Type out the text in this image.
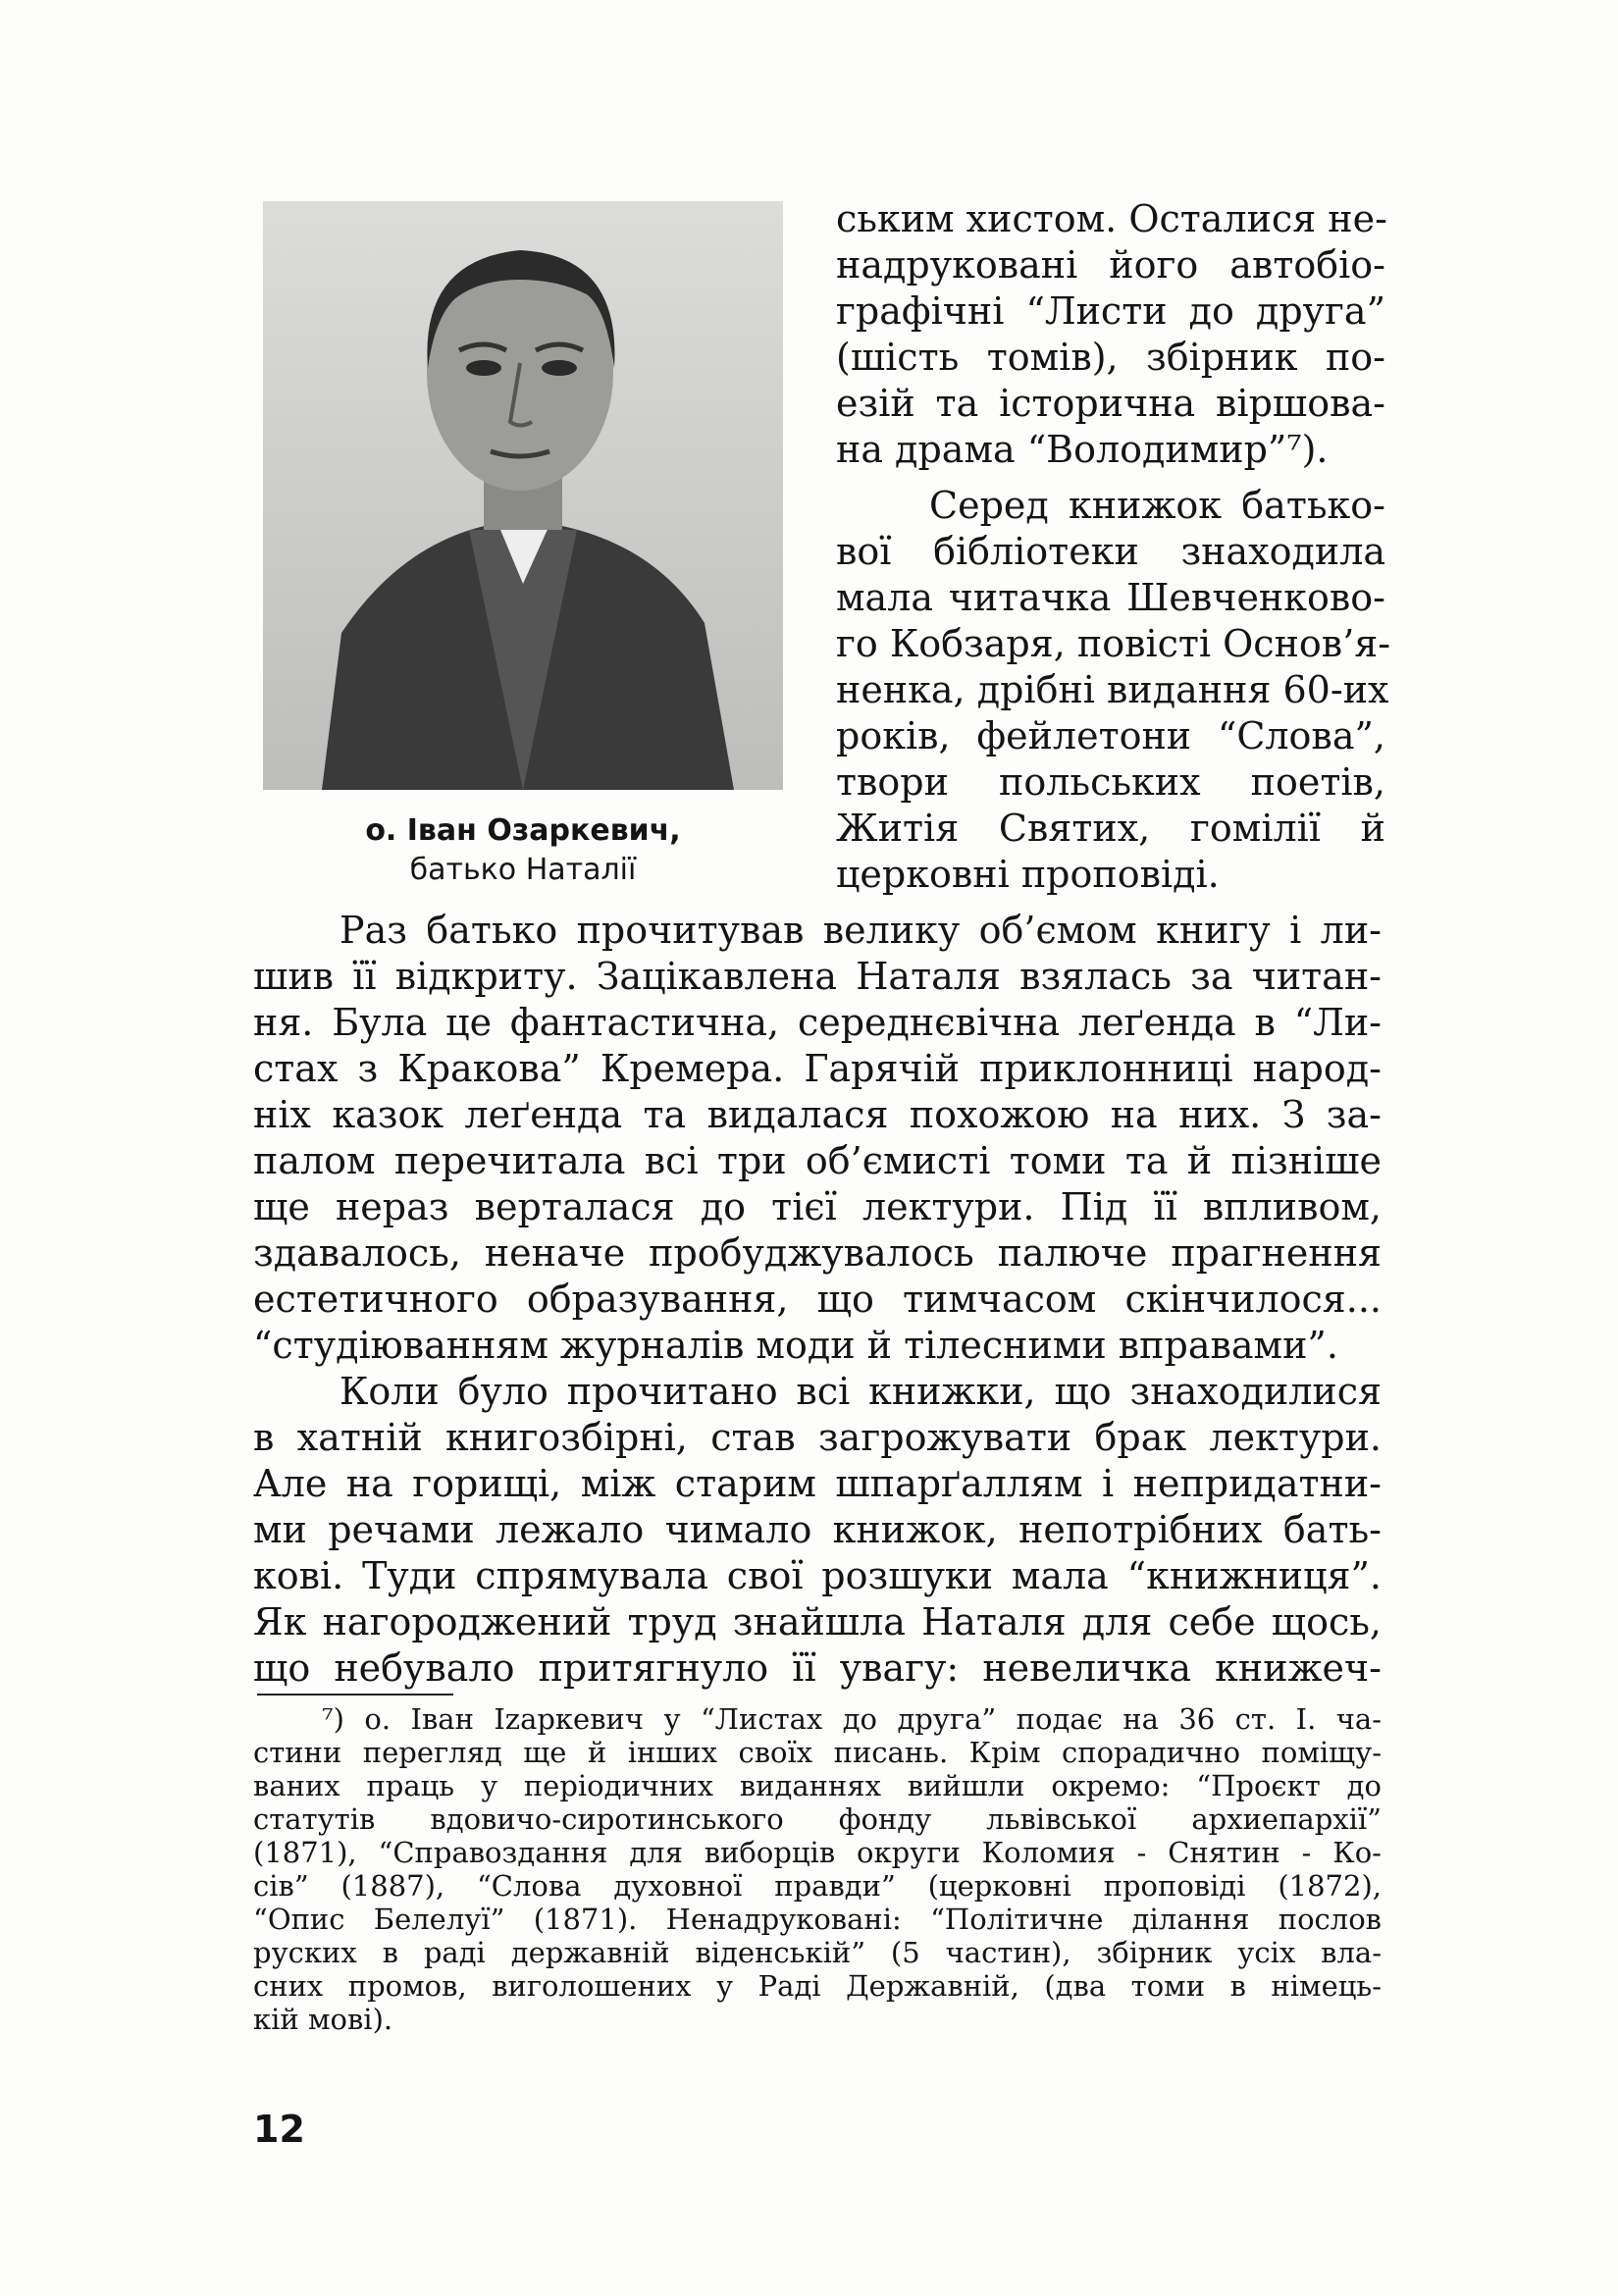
о. Іван Озаркевич,
батько Наталії

ським хистом. Осталися не-
надруковані його автобіо-
графічні “Листи до друга”
(шість томів), збірник по-
езій та історична віршова-
на драма “Володимир”⁷).

Серед книжок батько-
вої бібліотеки знаходила
мала читачка Шевченково-
го Кобзаря, повісті Основ’я-
ненка, дрібні видання 60-их
років, фейлетони “Слова”,
твори польських поетів,
Житія Святих, гомілії й
церковні проповіді.

Раз батько прочитував велику об’ємом книгу і ли-
шив її відкриту. Зацікавлена Наталя взялась за читан-
ня. Була це фантастична, середнєвічна леґенда в “Ли-
стах з Кракова” Кремера. Гарячій приклонниці народ-
ніх казок леґенда та видалася похожою на них. З за-
палом перечитала всі три об’ємисті томи та й пізніше
ще нераз верталася до тієї лектури. Під її впливом,
здавалось, неначе пробуджувалось палюче прагнення
естетичного образування, що тимчасом скінчилося...
“студіюванням журналів моди й тілесними вправами”.

Коли було прочитано всі книжки, що знаходилися
в хатній книгозбірні, став загрожувати брак лектури.
Але на горищі, між старим шпарґаллям і непридатни-
ми речами лежало чимало книжок, непотрібних бать-
кові. Туди спрямувала свої розшуки мала “книжниця”.
Як нагороджений труд знайшла Наталя для себе щось,
що небувало притягнуло її увагу: невеличка книжеч-

⁷) о. Іван Іzаркевич у “Листах до друга” подає на 36 ст. І. ча-
стини перегляд ще й інших своїх писань. Крім спорадично поміщу-
ваних праць у періодичних виданнях вийшли окремо: “Проєкт до
статутів вдовичо-сиротинського фонду львівської архиепархії”
(1871), “Справоздання для виборців округи Коломия - Снятин - Ко-
сів” (1887), “Слова духовної правди” (церковні проповіді (1872),
“Опис Белелуї” (1871). Ненадруковані: “Політичне ділання послов
руских в раді державній віденській” (5 частин), збірник усіх вла-
сних промов, виголошених у Раді Державній, (два томи в німець-
кій мові).
12
